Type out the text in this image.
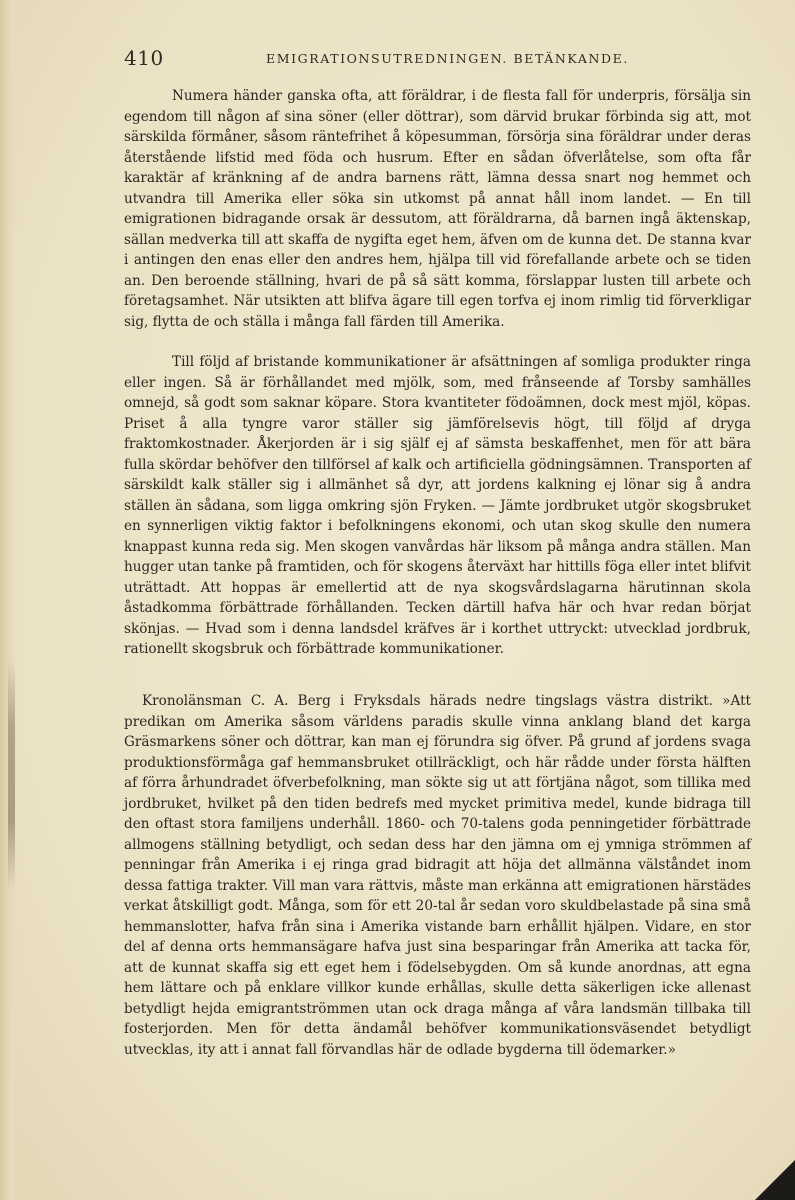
410	EMIGRATIONSUTREDNINGEN. BETÄNKANDE.

Numera händer ganska ofta, att föräldrar, i de flesta fall för underpris, försälja sin egendom till någon af sina söner (eller döttrar), som därvid brukar förbinda sig att, mot särskilda förmåner, såsom räntefrihet å köpesumman, försörja sina föräldrar under deras återstående lifstid med föda och husrum. Efter en sådan öfverlåtelse, som ofta får karaktär af kränkning af de andra barnens rätt, lämna dessa snart nog hemmet och utvandra till Amerika eller söka sin utkomst på annat håll inom landet. — En till emigrationen bidragande orsak är dessutom, att föräldrarna, då barnen ingå äktenskap, sällan medverka till att skaffa de nygifta eget hem, äfven om de kunna det. De stanna kvar i antingen den enas eller den andres hem, hjälpa till vid förefallande arbete och se tiden an. Den beroende ställning, hvari de på så sätt komma, förslappar lusten till arbete och företagsamhet. När utsikten att blifva ägare till egen torfva ej inom rimlig tid förverkligar sig, flytta de och ställa i många fall färden till Amerika.

Till följd af bristande kommunikationer är afsättningen af somliga produkter ringa eller ingen. Så är förhållandet med mjölk, som, med frånseende af Torsby samhälles omnejd, så godt som saknar köpare. Stora kvantiteter födoämnen, dock mest mjöl, köpas. Priset å alla tyngre varor ställer sig jämförelsevis högt, till följd af dryga fraktomkostnader. Åkerjorden är i sig själf ej af sämsta beskaffenhet, men för att bära fulla skördar behöfver den tillförsel af kalk och artificiella gödningsämnen. Transporten af särskildt kalk ställer sig i allmänhet så dyr, att jordens kalkning ej lönar sig å andra ställen än sådana, som ligga omkring sjön Fryken. — Jämte jordbruket utgör skogsbruket en synnerligen viktig faktor i befolkningens ekonomi, och utan skog skulle den numera knappast kunna reda sig. Men skogen vanvårdas här liksom på många andra ställen. Man hugger utan tanke på framtiden, och för skogens återväxt har hittills föga eller intet blifvit uträttadt. Att hoppas är emellertid att de nya skogsvårdslagarna härutinnan skola åstadkomma förbättrade förhållanden. Tecken därtill hafva här och hvar redan börjat skönjas. — Hvad som i denna landsdel kräfves är i korthet uttryckt: utvecklad jordbruk, rationellt skogsbruk och förbättrade kommunikationer.

Kronolänsman C. A. Berg i Fryksdals härads nedre tingslags västra distrikt. »Att predikan om Amerika såsom världens paradis skulle vinna anklang bland det karga Gräsmarkens söner och döttrar, kan man ej förundra sig öfver. På grund af jordens svaga produktionsförmåga gaf hemmansbruket otillräckligt, och här rådde under första hälften af förra århundradet öfverbefolkning, man sökte sig ut att förtjäna något, som tillika med jordbruket, hvilket på den tiden bedrefs med mycket primitiva medel, kunde bidraga till den oftast stora familjens underhåll. 1860- och 70-talens goda penningetider förbättrade allmogens ställning betydligt, och sedan dess har den jämna om ej ymniga strömmen af penningar från Amerika i ej ringa grad bidragit att höja det allmänna välståndet inom dessa fattiga trakter. Vill man vara rättvis, måste man erkänna att emigrationen härstädes verkat åtskilligt godt. Många, som för ett 20-tal år sedan voro skuldbelastade på sina små hemmanslotter, hafva från sina i Amerika vistande barn erhållit hjälpen. Vidare, en stor del af denna orts hemmansägare hafva just sina besparingar från Amerika att tacka för, att de kunnat skaffa sig ett eget hem i födelsebygden. Om så kunde anordnas, att egna hem lättare och på enklare villkor kunde erhållas, skulle detta säkerligen icke allenast betydligt hejda emigrantströmmen utan ock draga många af våra landsmän tillbaka till fosterjorden. Men för detta ändamål behöfver kommunikationsväsendet betydligt utvecklas, ity att i annat fall förvandlas här de odlade bygderna till ödemarker.»
